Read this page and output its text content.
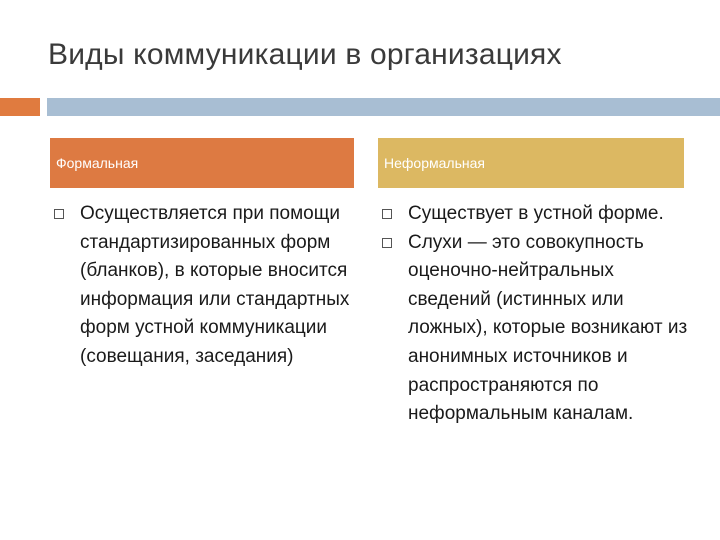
Виды коммуникации в организациях
Формальная	Неформальная
Осуществляется при помощи стандартизированных форм (бланков), в которые вносится информация или стандартных форм устной коммуникации (совещания, заседания)
Существует в устной форме.
Слухи — это совокупность оценочно-нейтральных сведений (истинных или ложных), которые возникают из анонимных источников и распространяются по неформальным каналам.
